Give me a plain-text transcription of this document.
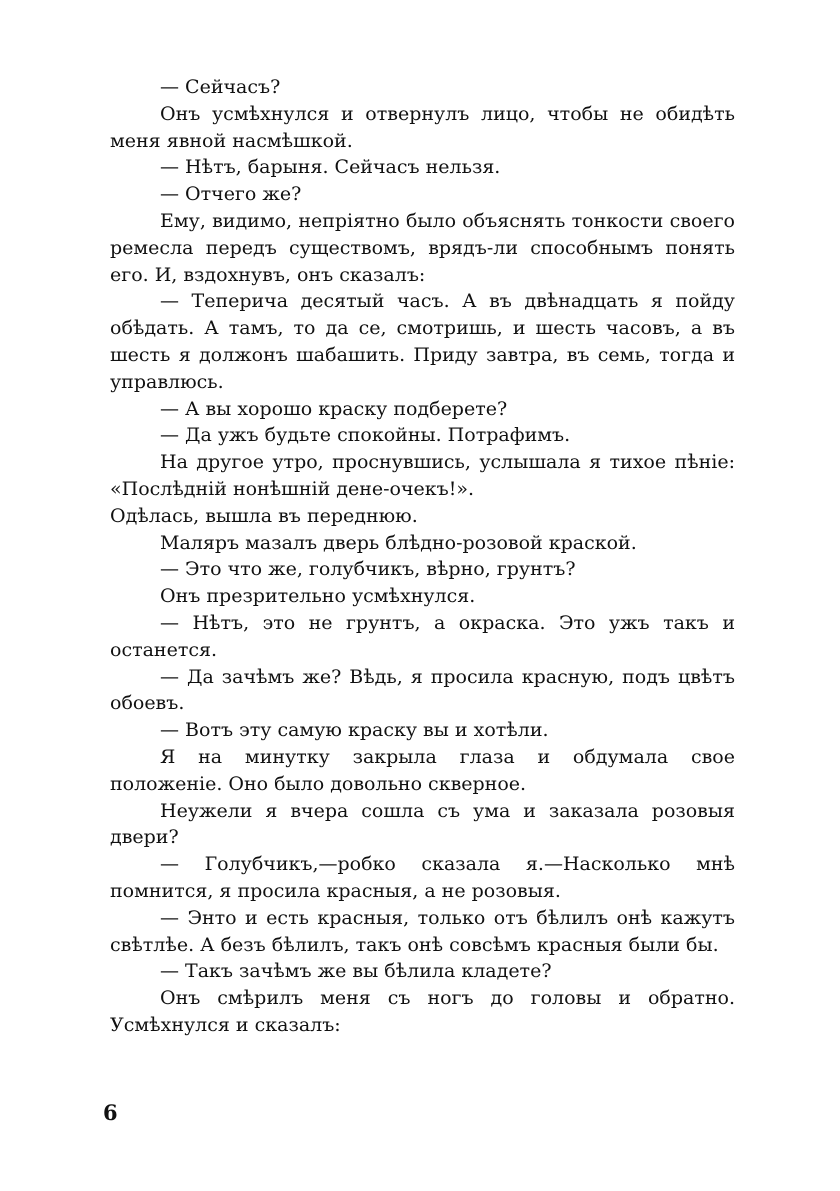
— Сейчасъ?

Онъ усмѣхнулся и отвернулъ лицо, чтобы не обидѣть меня явной насмѣшкой.

— Нѣтъ, барыня. Сейчасъ нельзя.

— Отчего же?

Ему, видимо, непріятно было объяснять тонкости своего ремесла передъ существомъ, врядъ-ли способнымъ понять его. И, вздохнувъ, онъ сказалъ:

— Теперича десятый часъ. А въ двѣнадцать я пойду обѣдать. А тамъ, то да се, смотришь, и шесть часовъ, а въ шесть я должонъ шабашить. Приду завтра, въ семь, тогда и управлюсь.

— А вы хорошо краску подберете?

— Да ужъ будьте спокойны. Потрафимъ.

На другое утро, проснувшись, услышала я тихое пѣніе: «Послѣдній нонѣшній дене-очекъ!».

Одѣлась, вышла въ переднюю.

Маляръ мазалъ дверь блѣдно-розовой краской.

— Это что же, голубчикъ, вѣрно, грунтъ?

Онъ презрительно усмѣхнулся.

— Нѣтъ, это не грунтъ, а окраска. Это ужъ такъ и останется.

— Да зачѣмъ же? Вѣдь, я просила красную, подъ цвѣтъ обоевъ.

— Вотъ эту самую краску вы и хотѣли.

Я на минутку закрыла глаза и обдумала свое положеніе. Оно было довольно скверное.

Неужели я вчера сошла съ ума и заказала розовыя двери?

— Голубчикъ,—робко сказала я.—Насколько мнѣ помнится, я просила красныя, а не розовыя.

— Энто и есть красныя, только отъ бѣлилъ онѣ кажутъ свѣтлѣе. А безъ бѣлилъ, такъ онѣ совсѣмъ красныя были бы.

— Такъ зачѣмъ же вы бѣлила кладете?

Онъ смѣрилъ меня съ ногъ до головы и обратно. Усмѣхнулся и сказалъ:

6
